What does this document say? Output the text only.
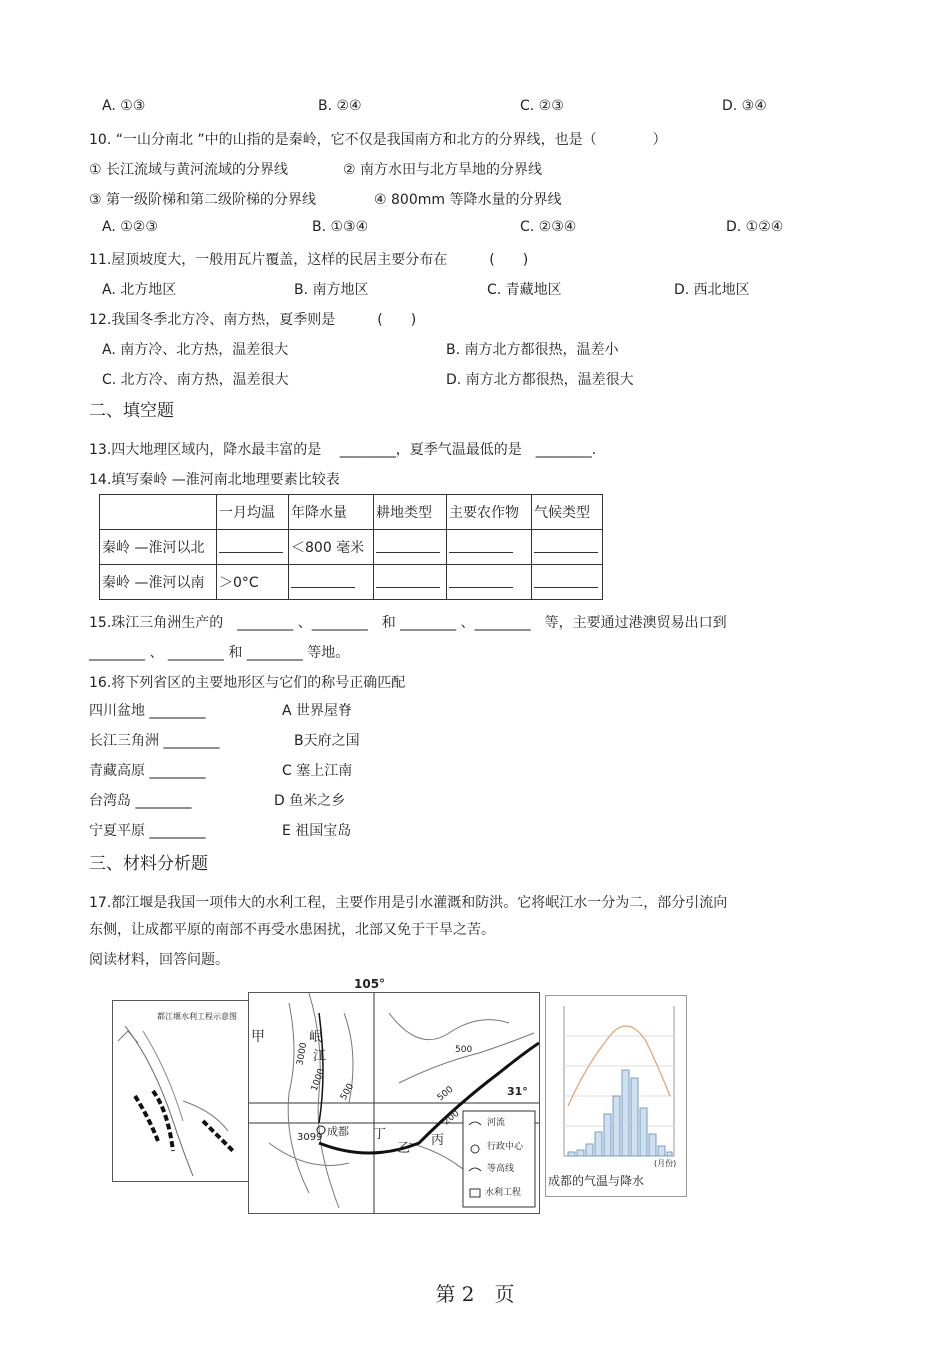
A. ①③	B. ②④	C. ②③	D. ③④
10. “一山分南北 ”中的山指的是秦岭，它不仅是我国南方和北方的分界线，也是（　　　　）
① 长江流域与黄河流域的分界线	② 南方水田与北方旱地的分界线
③ 第一级阶梯和第二级阶梯的分界线	④ 800mm 等降水量的分界线
A. ①②③	B. ①③④	C. ②③④	D. ①②④
11.屋顶坡度大，一般用瓦片覆盖，这样的民居主要分布在　　　(　　)
A. 北方地区	B. 南方地区	C. 青藏地区	D. 西北地区
12.我国冬季北方冷、南方热，夏季则是　　　(　　)
A. 南方冷、北方热，温差很大	B. 南方北方都很热，温差小
C. 北方冷、南方热，温差很大	D. 南方北方都很热，温差很大
二、填空题
13.四大地理区域内，降水最丰富的是　 ________，夏季气温最低的是　________.
14.填写秦岭 —淮河南北地理要素比较表
	一月均温	年降水量	耕地类型	主要农作物	气候类型
秦岭 —淮河以北		＜800 毫米			
秦岭 —淮河以南	＞0°C				
15.珠江三角洲生产的　________ 、________　和 ________ 、________　等，主要通过港澳贸易出口到
________ 、 ________ 和 ________ 等地。
16.将下列省区的主要地形区与它们的称号正确匹配
四川盆地 ________	A 世界屋脊
长江三角洲 ________	B天府之国
青藏高原 ________	C 塞上江南
台湾岛 ________	D 鱼米之乡
宁夏平原 ________	E 祖国宝岛
三、材料分析题
17.都江堰是我国一项伟大的水利工程，主要作用是引水灌溉和防洪。它将岷江水一分为二，部分引流向
东侧，让成都平原的南部不再受水患困扰，北部又免于干旱之苦。
阅读材料，回答问题。
都江堰水利工程示意图
105°
31°
甲	岷
江
成都 丁
乙
丙
3099
3000
1000 500
500
500
200	河流
行政中心
等高线
水利工程
成都的气温与降水
(月份)
第 2　页
